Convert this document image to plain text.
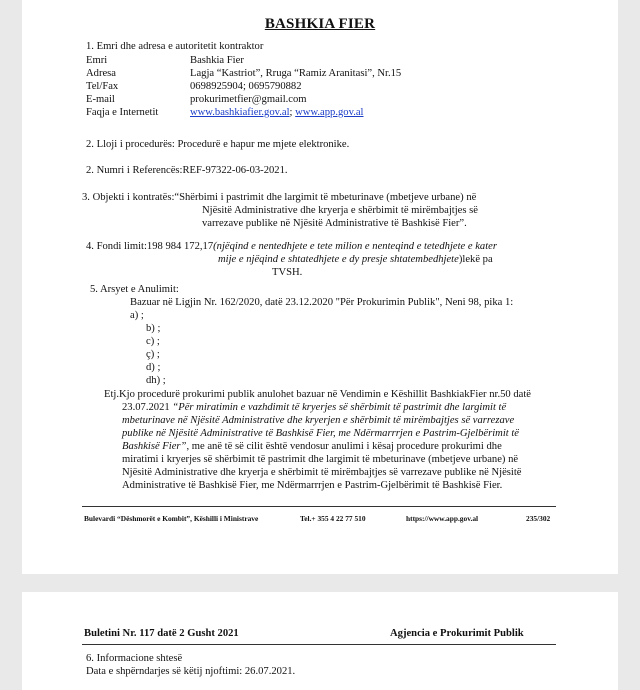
BASHKIA FIER
1. Emri dhe adresa e autoritetit kontraktor
Emri	Bashkia Fier
Adresa	Lagja “Kastriot”, Rruga “Ramiz Aranitasi”, Nr.15
Tel/Fax	0698925904; 0695790882
E-mail	prokurimetfier@gmail.com
Faqja e Internetit	www.bashkiafier.gov.al; www.app.gov.al
2. Lloji i procedurës: Procedurë e hapur me mjete elektronike.
2. Numri i Referencës:REF-97322-06-03-2021.
3. Objekti i kontratës:“Shërbimi i pastrimit dhe largimit të mbeturinave (mbetjeve urbane) në
Njësitë Administrative dhe kryerja e shërbimit të mirëmbajtjes së
varrezave publike në Njësitë Administrative të Bashkisë Fier”.
4. Fondi limit:198 984 172,17(njëqind e nentedhjete e tete milion e nenteqind e tetedhjete e kater
mije e njëqind e shtatedhjete e dy presje shtatembedhjete)lekë pa
TVSH.
5. Arsyet e Anulimit:
Bazuar në Ligjin Nr. 162/2020, datë 23.12.2020 "Për Prokurimin Publik", Neni 98, pika 1:
a) ;
b) ;
c) ;
ç) ;
d) ;
dh) ;
Etj.Kjo procedurë prokurimi publik anulohet bazuar në Vendimin e Këshillit BashkiakFier nr.50 datë
23.07.2021 “Për miratimin e vazhdimit të kryerjes së shërbimit të pastrimit dhe largimit të
mbeturinave në Njësitë Administrative dhe kryerjen e shërbimit të mirëmbajtjes së varrezave
publike në Njësitë Administrative të Bashkisë Fier, me Ndërmarrrjen e Pastrim-Gjelbërimit të
Bashkisë Fier”, me anë të së cilit është vendosur anulimi i kësaj procedure prokurimi dhe
miratimi i kryerjes së shërbimit të pastrimit dhe largimit të mbeturinave (mbetjeve urbane) në
Njësitë Administrative dhe kryerja e shërbimit të mirëmbajtjes së varrezave publike në Njësitë
Administrative të Bashkisë Fier, me Ndërmarrrjen e Pastrim-Gjelbërimit të Bashkisë Fier.
Bulevardi “Dëshmorët e Kombit”, Këshilli i Ministrave	Tel.+ 355 4 22 77 510	https://www.app.gov.al	235/302
Buletini Nr. 117 datë 2 Gusht 2021	Agjencia e Prokurimit Publik
6. Informacione shtesë
Data e shpërndarjes së këtij njoftimi: 26.07.2021.
